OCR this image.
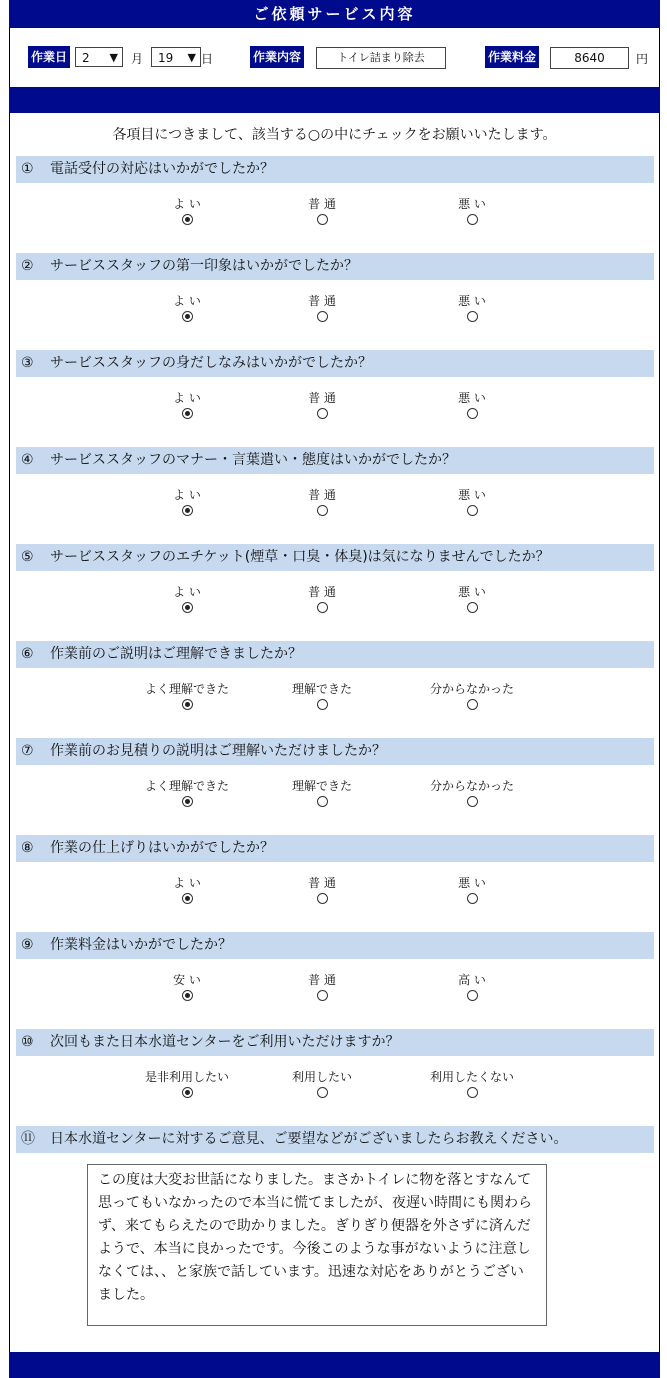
ご依頼サービス内容
作業日	2 ▼ 月	19 ▼ 日	作業内容	トイレ詰まり除去	作業料金	8640	円
各項目につきまして、該当する○の中にチェックをお願いいたします。
① 電話受付の対応はいかがでしたか？
よ い	普 通	悪 い
② サービススタッフの第一印象はいかがでしたか？
よ い	普 通	悪 い
③ サービススタッフの身だしなみはいかがでしたか？
よ い	普 通	悪 い
④ サービススタッフのマナー・言葉遣い・態度はいかがでしたか？
よ い	普 通	悪 い
⑤ サービススタッフのエチケット(煙草・口臭・体臭)は気になりませんでしたか？
よ い	普 通	悪 い
⑥ 作業前のご説明はご理解できましたか？
よく理解できた	理解できた	分からなかった
⑦ 作業前のお見積りの説明はご理解いただけましたか？
よく理解できた	理解できた	分からなかった
⑧ 作業の仕上げりはいかがでしたか？
よ い	普 通	悪 い
⑨ 作業料金はいかがでしたか？
安 い	普 通	高 い
⑩ 次回もまた日本水道センターをご利用いただけますか？
是非利用したい	利用したい	利用したくない
⑪ 日本水道センターに対するご意見、ご要望などがございましたらお教えください。
この度は大変お世話になりました。まさかトイレに物を落とすなんて思ってもいなかったので本当に慌てましたが、夜遅い時間にも関わらず、来てもらえたので助かりました。ぎりぎり便器を外さずに済んだようで、本当に良かったです。今後このような事がないように注意しなくては、、と家族で話しています。迅速な対応をありがとうございました。
